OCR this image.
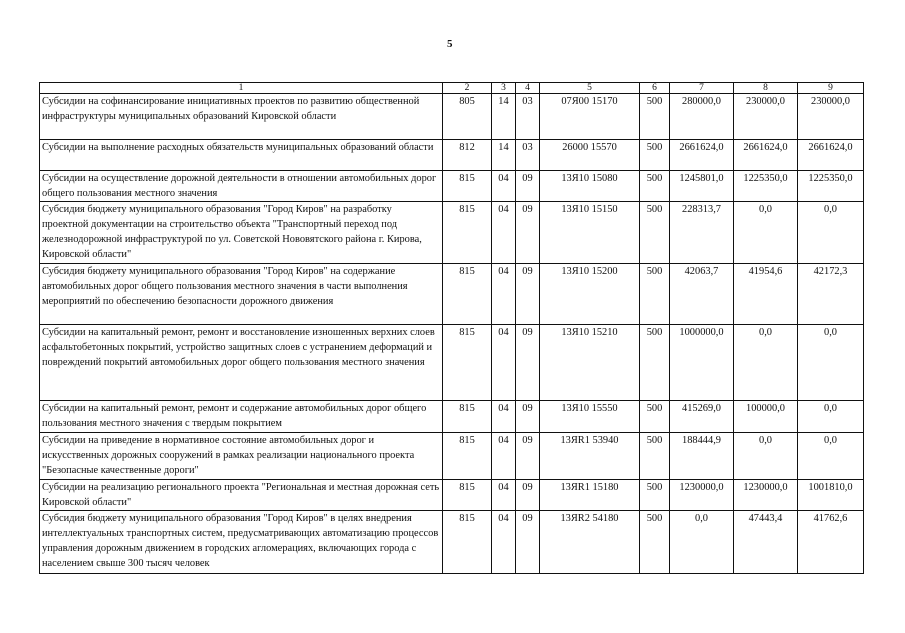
5
1	2	3	4	5	6	7	8	9
Субсидии на софинансирование инициативных проектов по развитию общественной инфраструктуры муниципальных образований Кировской области	805	14	03	07Я00 15170	500	280000,0	230000,0	230000,0
Субсидии на выполнение расходных обязательств муниципальных образований области	812	14	03	26000 15570	500	2661624,0	2661624,0	2661624,0
Субсидии на осуществление дорожной деятельности в отношении автомобильных дорог общего пользования местного значения	815	04	09	13Я10 15080	500	1245801,0	1225350,0	1225350,0
Субсидия бюджету муниципального образования "Город Киров" на разработку проектной документации на строительство объекта "Транспортный переход под железнодорожной инфраструктурой по ул. Советской Нововятского района г. Кирова, Кировской области"	815	04	09	13Я10 15150	500	228313,7	0,0	0,0
Субсидия бюджету муниципального образования "Город Киров" на содержание автомобильных дорог общего пользования местного значения в части выполнения мероприятий по обеспечению безопасности дорожного движения	815	04	09	13Я10 15200	500	42063,7	41954,6	42172,3
Субсидии на капитальный ремонт, ремонт и восстановление изношенных верхних слоев асфальтобетонных покрытий, устройство защитных слоев с устранением деформаций и повреждений покрытий автомобильных дорог общего пользования местного значения	815	04	09	13Я10 15210	500	1000000,0	0,0	0,0
Субсидии на капитальный ремонт, ремонт и содержание автомобильных дорог общего пользования местного значения с твердым покрытием	815	04	09	13Я10 15550	500	415269,0	100000,0	0,0
Субсидии на приведение в нормативное состояние автомобильных дорог и искусственных дорожных сооружений в рамках реализации национального проекта "Безопасные качественные дороги"	815	04	09	13ЯR1 53940	500	188444,9	0,0	0,0
Субсидии на реализацию регионального проекта "Региональная и местная дорожная сеть Кировской области"	815	04	09	13ЯR1 15180	500	1230000,0	1230000,0	1001810,0
Субсидия бюджету муниципального образования "Город Киров" в целях внедрения интеллектуальных транспортных систем, предусматривающих автоматизацию процессов управления дорожным движением в городских агломерациях, включающих города с населением свыше 300 тысяч человек	815	04	09	13ЯR2 54180	500	0,0	47443,4	41762,6
